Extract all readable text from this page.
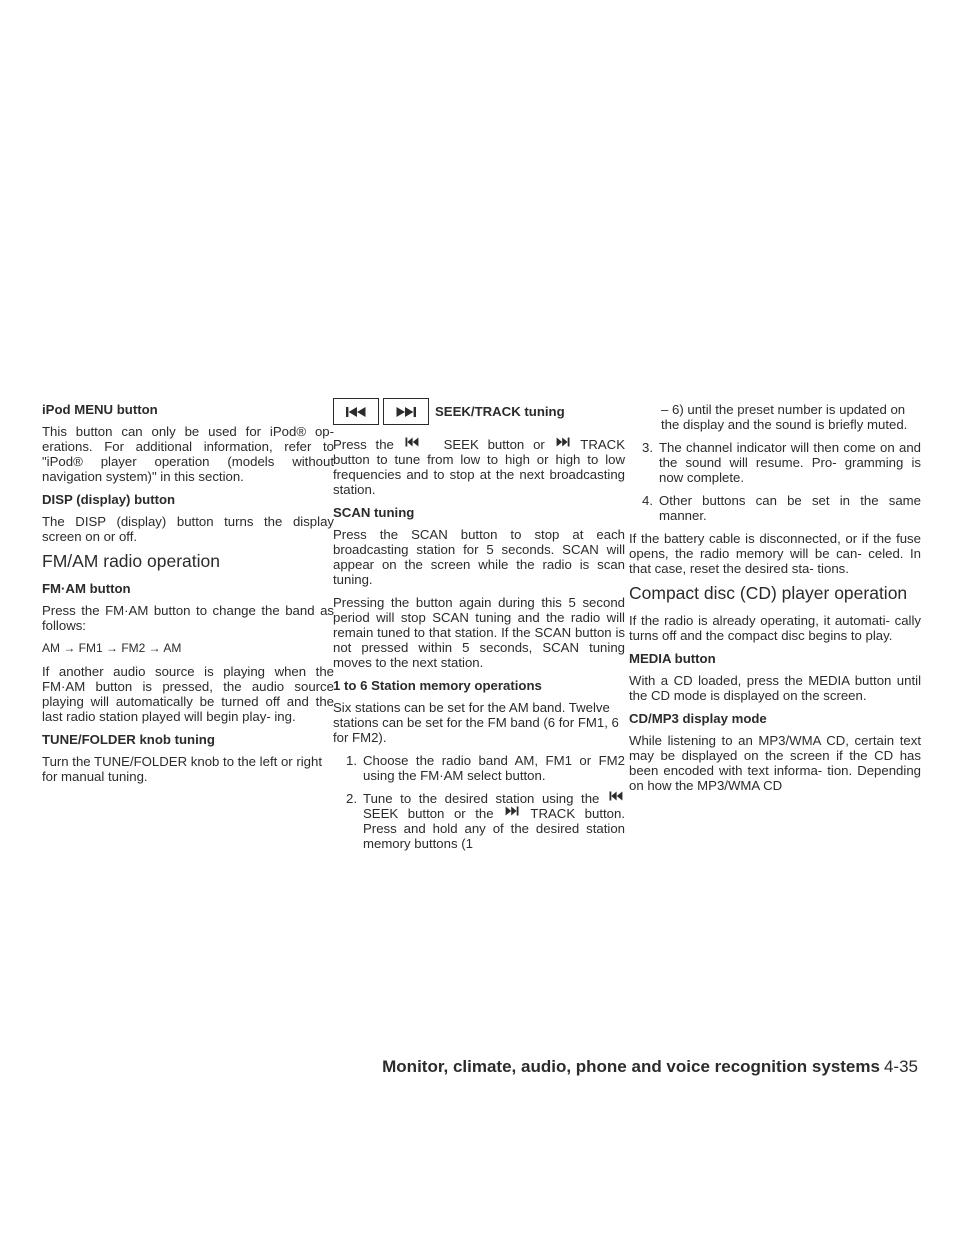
iPod MENU button

This button can only be used for iPod® op- erations. For additional information, refer to "iPod® player operation (models without navigation system)" in this section.

DISP (display) button

The DISP (display) button turns the display screen on or off.

FM/AM radio operation
FM·AM button

Press the FM·AM button to change the band as follows:

AM → FM1 → FM2 → AM

If another audio source is playing when the FM·AM button is pressed, the audio source playing will automatically be turned off and the last radio station played will begin play- ing.

TUNE/FOLDER knob tuning

Turn the TUNE/FOLDER knob to the left or right for manual tuning.

SEEK/TRACK tuning

Press the	SEEK button or	TRACK button to tune from low to high or high to low frequencies and to stop at the next broadcasting station.

SCAN tuning

Press the SCAN button to stop at each broadcasting station for 5 seconds. SCAN will appear on the screen while the radio is scan tuning.

Pressing the button again during this 5 second period will stop SCAN tuning and the radio will remain tuned to that station. If the SCAN button is not pressed within 5 seconds, SCAN tuning moves to the next station.

1 to 6 Station memory operations

Six stations can be set for the AM band. Twelve stations can be set for the FM band (6 for FM1, 6 for FM2).

1. Choose the radio band AM, FM1 or FM2 using the FM·AM select button.
2. Tune to the desired station using the  SEEK button or the	TRACK button. Press and hold any of the desired station memory buttons (1

– 6) until the preset number is updated on the display and the sound is briefly muted.

3. The channel indicator will then come on and the sound will resume. Pro- gramming is now complete.
4. Other buttons can be set in the same manner.

If the battery cable is disconnected, or if the fuse opens, the radio memory will be can- celed. In that case, reset the desired sta- tions.

Compact disc (CD) player operation

If the radio is already operating, it automati- cally turns off and the compact disc begins to play.

MEDIA button

With a CD loaded, press the MEDIA button until the CD mode is displayed on the screen.

CD/MP3 display mode

While listening to an MP3/WMA CD, certain text may be displayed on the screen if the CD has been encoded with text informa- tion. Depending on how the MP3/WMA CD

Monitor, climate, audio, phone and voice recognition systems 4-35
